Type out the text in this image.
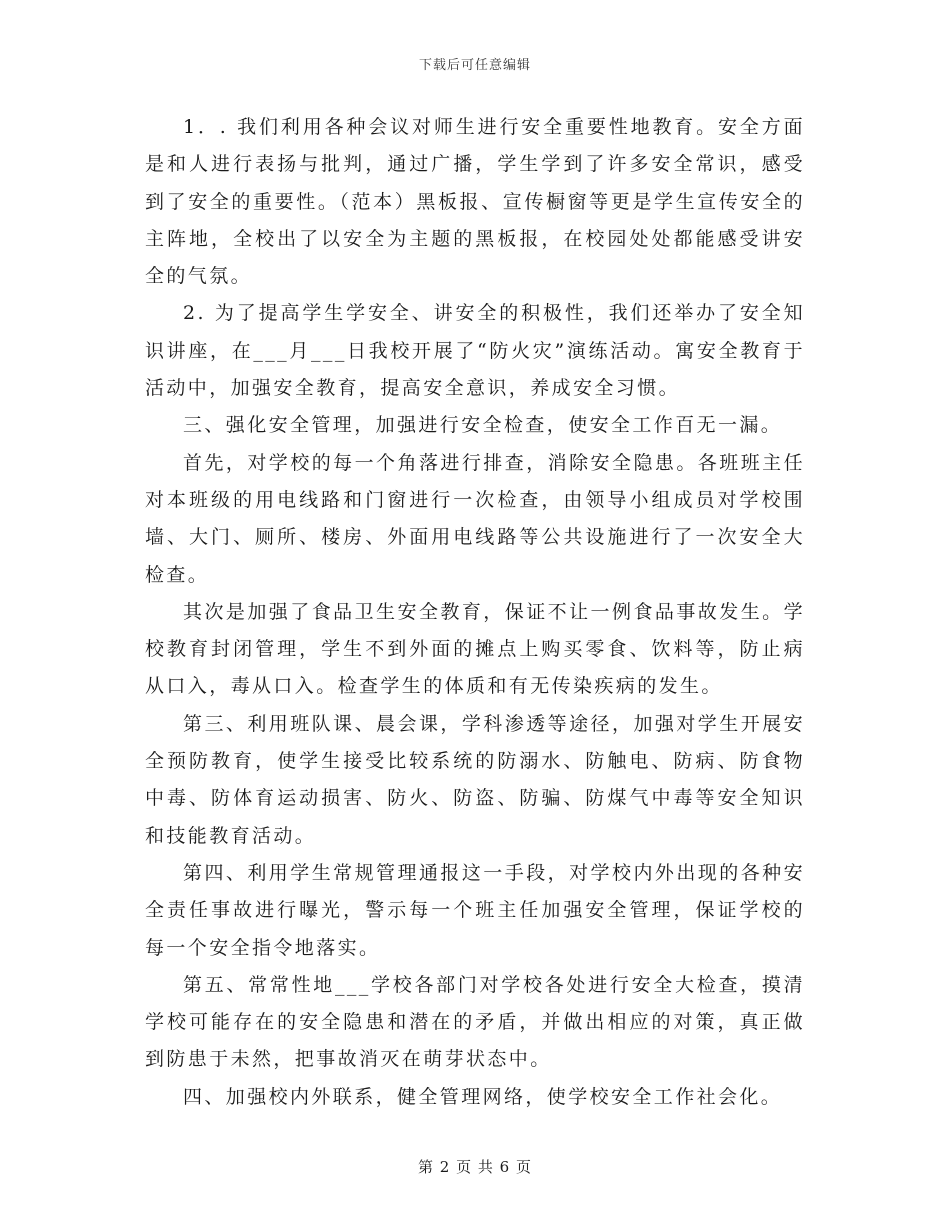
下载后可任意编辑

1．. 我们利用各种会议对师生进行安全重要性地教育。安全方面是和人进行表扬与批判，通过广播，学生学到了许多安全常识，感受到了安全的重要性。（范本）黑板报、宣传橱窗等更是学生宣传安全的主阵地，全校出了以安全为主题的黑板报，在校园处处都能感受讲安全的气氛。

2. 为了提高学生学安全、讲安全的积极性，我们还举办了安全知识讲座，在___月___日我校开展了“防火灾”演练活动。寓安全教育于活动中，加强安全教育，提高安全意识，养成安全习惯。

三、强化安全管理，加强进行安全检查，使安全工作百无一漏。

首先，对学校的每一个角落进行排查，消除安全隐患。各班班主任对本班级的用电线路和门窗进行一次检查，由领导小组成员对学校围墙、大门、厕所、楼房、外面用电线路等公共设施进行了一次安全大检查。

其次是加强了食品卫生安全教育，保证不让一例食品事故发生。学校教育封闭管理，学生不到外面的摊点上购买零食、饮料等，防止病从口入，毒从口入。检查学生的体质和有无传染疾病的发生。

第三、利用班队课、晨会课，学科渗透等途径，加强对学生开展安全预防教育，使学生接受比较系统的防溺水、防触电、防病、防食物中毒、防体育运动损害、防火、防盗、防骗、防煤气中毒等安全知识和技能教育活动。

第四、利用学生常规管理通报这一手段，对学校内外出现的各种安全责任事故进行曝光，警示每一个班主任加强安全管理，保证学校的每一个安全指令地落实。

第五、常常性地___学校各部门对学校各处进行安全大检查，摸清学校可能存在的安全隐患和潜在的矛盾，并做出相应的对策，真正做到防患于未然，把事故消灭在萌芽状态中。

四、加强校内外联系，健全管理网络，使学校安全工作社会化。

第 2 页 共 6 页
